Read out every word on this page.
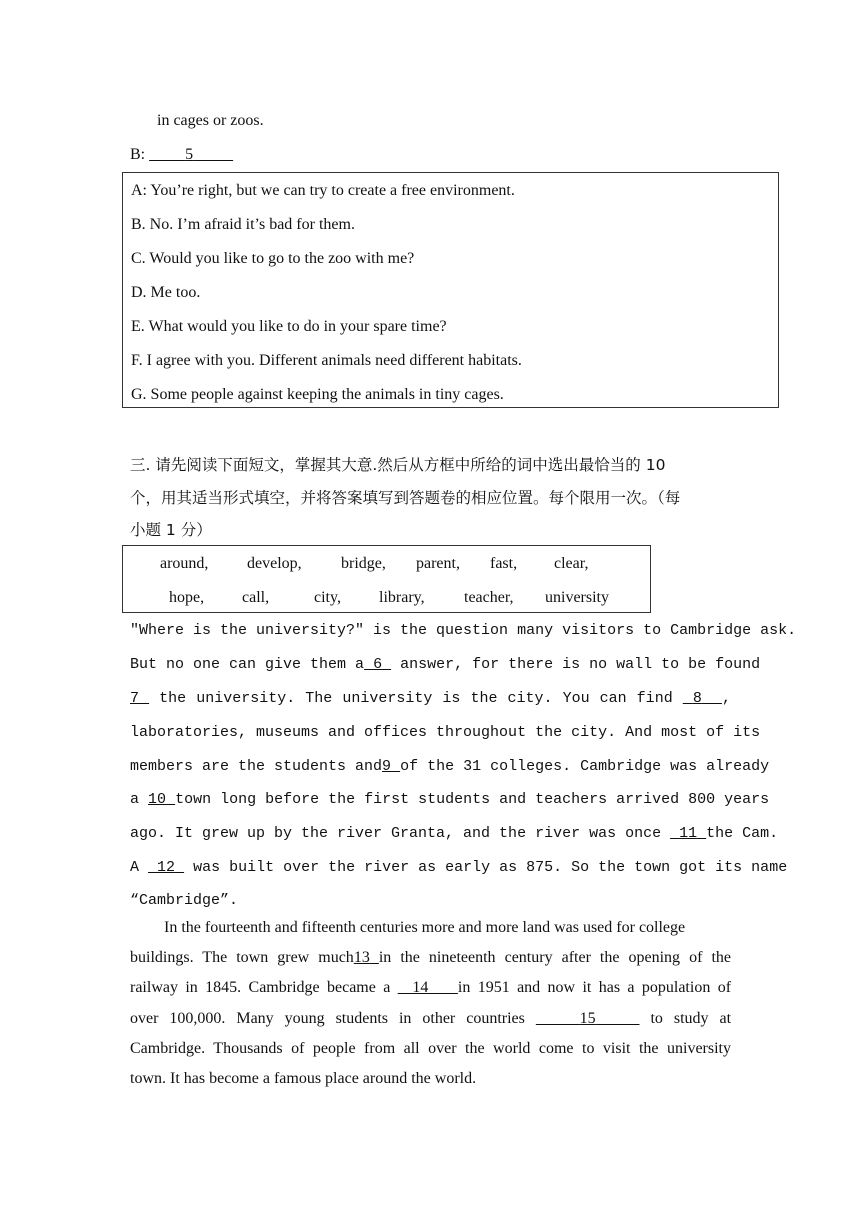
in cages or zoos.
B:	5
A: You’re right, but we can try to create a free environment.
B. No. I’m afraid it’s bad for them.
C. Would you like to go to the zoo with me?
D. Me too.
E. What would you like to do in your spare time?
F. I agree with you. Different animals need different habitats.
G. Some people against keeping the animals in tiny cages.
三. 请先阅读下面短文，掌握其大意.然后从方框中所给的词中选出最恰当的 10
个，用其适当形式填空，并将答案填写到答题卷的相应位置。每个限用一次。（每
小题 1 分）
around, develop, bridge, parent, fast, clear,
hope, call,	city, library, teacher, university
"Where is the university?" is the question many visitors to Cambridge ask.
But no one can give them a 6 answer, for there is no wall to be found
7 the university. The university is the city. You can find 8 ,
laboratories, museums and offices throughout the city. And most of its
members are the students and9 of the 31 colleges. Cambridge was already
a 10 town long before the first students and teachers arrived 800 years
ago. It grew up by the river Granta, and the river was once 11 the Cam.
A 12 was built over the river as early as 875. So the town got its name
“Cambridge”.
In the fourteenth and fifteenth centuries more and more land was used for college
buildings. The town grew much13 in the nineteenth century after the opening of the
railway in 1845. Cambridge became a 14 in 1951 and now it has a population of
over 100,000. Many young students in other countries	15	to study at
Cambridge. Thousands of people from all over the world come to visit the university
town. It has become a famous place around the world.
